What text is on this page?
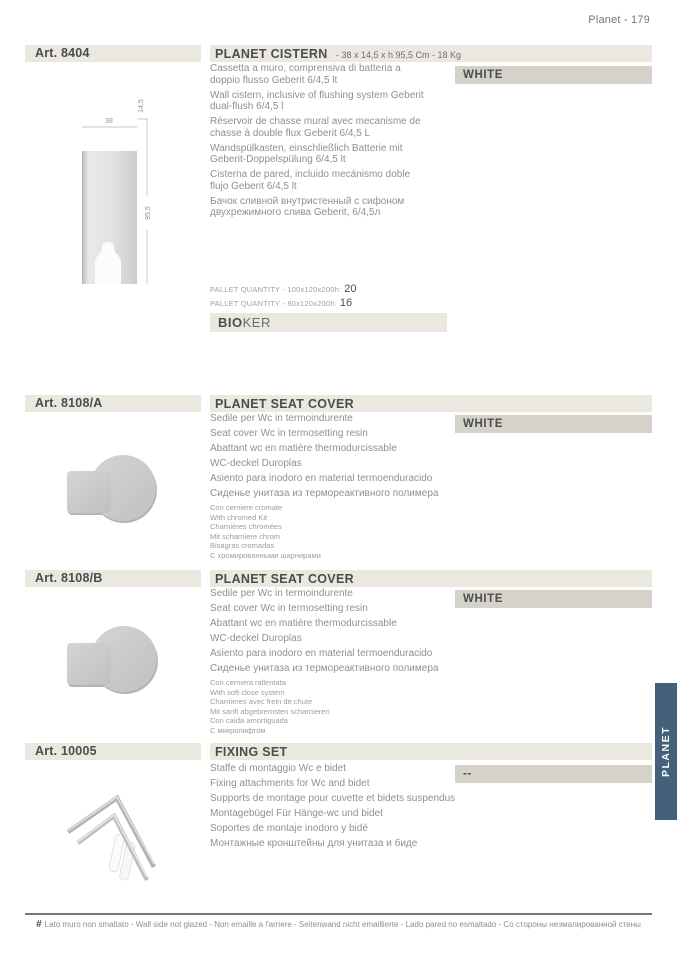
Planet - 179
Art. 8404	PLANET CISTERN - 38 x 14,5 x h 95,5 Cm - 18 Kg
WHITE
Cassetta a muro, comprensiva di batteria a doppio flusso Geberit 6/4,5 lt
Wall cistern, inclusive of flushing system Geberit dual-flush 6/4,5 l
Réservoir de chasse mural avec mecanisme de chasse à double flux Geberit 6/4,5 L
Wandspülkasten, einschließlich Batterie mit Geberit-Doppelspülung 6/4,5 lt
Cisterna de pared, incluido mecánismo doble flujo Geberit 6/4,5 lt
Бачок сливной внутристенный с сифоном двухрежимного слива Geberit, 6/4,5л
38
14,5
95,5
PALLET QUANTITY - 100x120x200h: 20
PALLET QUANTITY - 80x120x200h: 16
BIOKER
Art. 8108/A	PLANET SEAT COVER
WHITE
Sedile per Wc in termoindurente
Seat cover Wc in termosetting resin
Abattant wc en matière thermodurcissable
WC-deckel Duroplas
Asiento para inodoro en material termoenduracido
Сиденье унитаза из термореактивного полимера
Con cerniere cromate
With chromed Kit
Charnières chromées
Mit scharniere chrom
Bisagras cromadas
С хромированными шарнирами
Art. 8108/B	PLANET SEAT COVER
WHITE
Sedile per Wc in termoindurente
Seat cover Wc in termosetting resin
Abattant wc en matière thermodurcissable
WC-deckel Duroplas
Asiento para inodoro en material termoenduracido
Сиденье унитаза из термореактивного полимера
Con cerniera rallentata
With soft close system
Charnieres avec frein de chute
Mit sanft abgebremsten scharnieren
Con caída amortiguada
С микролифтом
Art. 10005	FIXING SET
--
Staffe di montaggio Wc e bidet
Fixing attachments for Wc and bidet
Supports de montage pour cuvette et bidets suspendus
Montagebügel Für Hänge-wc und bidet
Soportes de montaje inodoro y bidé
Монтажные кронштейны для унитаза и биде
PLANET
# Lato muro non smaltato - Wall side not glazed - Non emaille a l'arriere - Seitenwand nicht emaillierte - Lado pared no esmaltado - Со стороны неэмалированной стены
